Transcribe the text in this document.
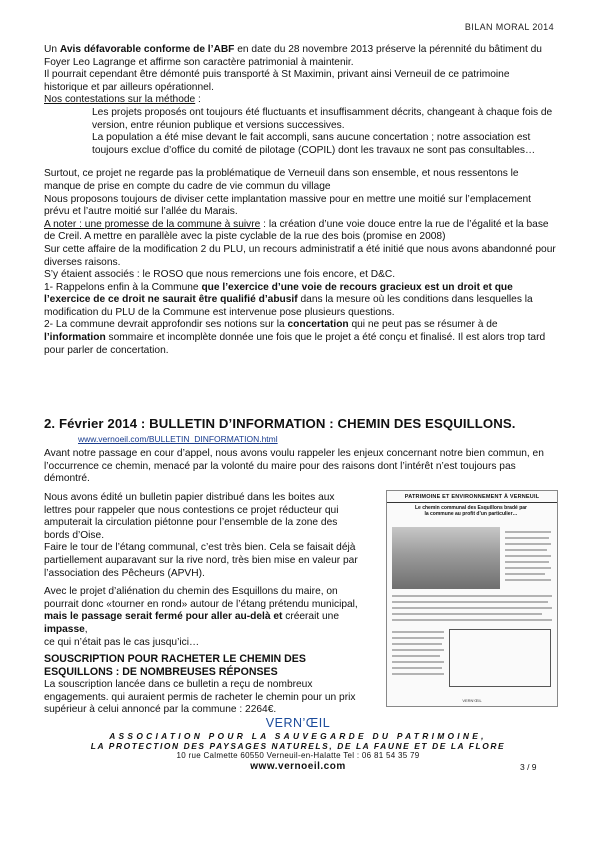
BILAN MORAL 2014

Un Avis défavorable conforme de l’ABF en date du 28 novembre 2013 préserve la pérennité du bâtiment du Foyer Leo Lagrange et affirme son caractère patrimonial à maintenir.

Il pourrait cependant être démonté puis transporté à St Maximin, privant ainsi Verneuil de ce patrimoine historique et par ailleurs opérationnel.

Nos contestations sur la méthode :

Les projets proposés ont toujours été fluctuants et insuffisamment décrits, changeant à chaque fois de version, entre réunion publique et versions successives.

La population a été mise devant le fait accompli, sans aucune concertation ; notre association est toujours exclue d’office du comité de pilotage (COPIL) dont les travaux ne sont pas consultables…

Surtout, ce projet ne regarde pas la problématique de Verneuil dans son ensemble, et nous ressentons le manque de prise en compte du cadre de vie commun du village

Nous proposons toujours de diviser cette implantation massive pour en mettre une moitié sur l’emplacement prévu et l’autre moitié sur l’allée du Marais.

A noter : une promesse de la commune à suivre : la création d’une voie douce entre la rue de l’égalité et la base de Creil. A mettre en parallèle avec la piste cyclable de la rue des bois (promise en 2008)

Sur cette affaire de la modification 2 du PLU, un recours administratif a été initié que nous avons abandonné pour diverses raisons.

S’y étaient associés : le ROSO que nous remercions une fois encore, et D&C.

1- Rappelons enfin à la Commune que l’exercice d’une voie de recours gracieux est un droit et que l’exercice de ce droit ne saurait être qualifié d’abusif dans la mesure où les conditions dans lesquelles la modification du PLU de la Commune est intervenue pose plusieurs questions.

2- La commune devrait approfondir ses notions sur la concertation qui ne peut pas se résumer à de l’information sommaire et incomplète donnée une fois que le projet a été conçu et finalisé. Il est alors trop tard pour parler de concertation.

2. Février 2014 : BULLETIN D’INFORMATION : CHEMIN DES ESQUILLONS.
www.vernoeil.com/BULLETIN_DINFORMATION.html
Avant notre passage en cour d’appel, nous avons voulu rappeler les enjeux concernant notre bien commun, en l’occurrence ce chemin, menacé par la volonté du maire pour des raisons dont l’intérêt n’est toujours pas démontré.

Nous avons édité un bulletin papier distribué dans les boites aux lettres pour rappeler que nous contestions ce projet réducteur qui amputerait la circulation piétonne pour l’ensemble de la zone des bords d’Oise.

Faire le tour de l’étang communal, c’est très bien. Cela se faisait déjà partiellement auparavant sur la rive nord, très bien mise en valeur par l’association des Pêcheurs (APVH).

Avec le projet d’aliénation du chemin des Esquillons du maire, on pourrait donc «tourner en rond» autour de l’étang prétendu municipal,
mais le passage serait fermé pour aller au-delà et créerait une impasse,

ce qui n’était pas le cas jusqu’ici…

SOUSCRIPTION POUR RACHETER LE CHEMIN DES ESQUILLONS : DE NOMBREUSES RÉPONSES

La souscription lancée dans ce bulletin a reçu de nombreux engagements. qui auraient permis de racheter le chemin pour un prix supérieur à celui annoncé par la commune : 2264€.

PATRIMOINE ET ENVIRONNEMENT À VERNEUIL
Le chemin communal des Esquillons bradé par la commune au profit d’un particulier…
VERN’ŒIL
VERN’ŒIL
ASSOCIATION POUR LA SAUVEGARDE DU PATRIMOINE,
LA PROTECTION DES PAYSAGES NATURELS, DE LA FAUNE ET DE LA FLORE
10 rue Calmette 60550 Verneuil-en-Halatte Tel : 06 81 54 35 79
www.vernoeil.com	3 / 9
